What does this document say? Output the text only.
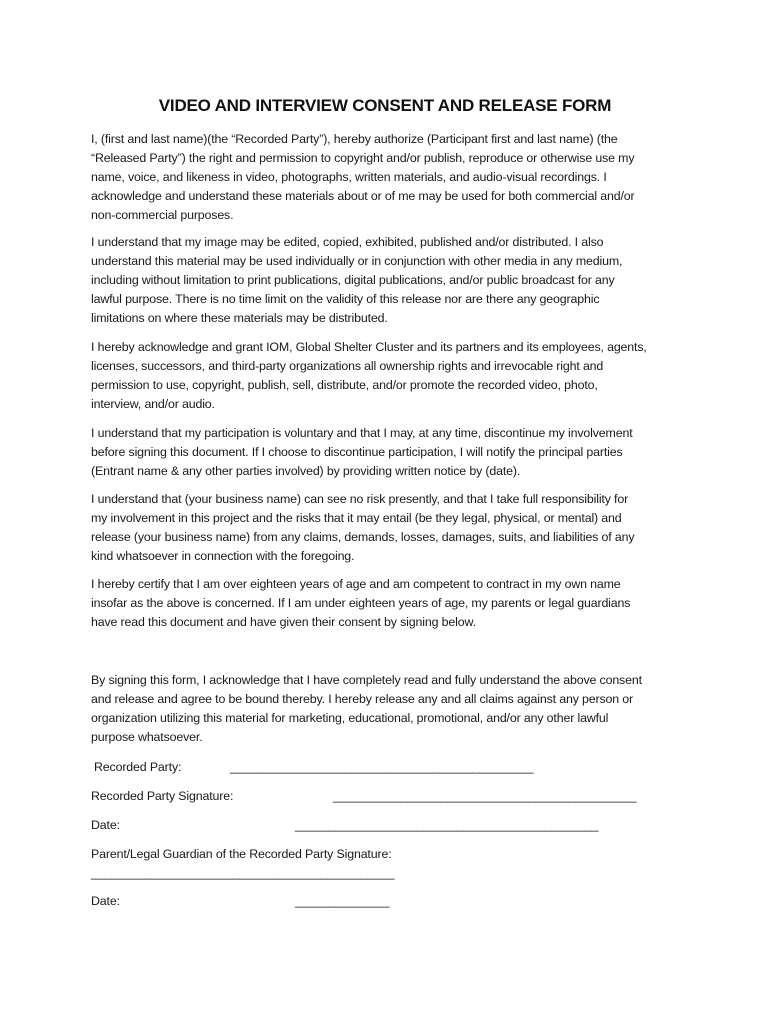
VIDEO AND INTERVIEW CONSENT AND RELEASE FORM
I, (first and last name)(the “Recorded Party”), hereby authorize (Participant first and last name) (the
“Released Party”) the right and permission to copyright and/or publish, reproduce or otherwise use my
name, voice, and likeness in video, photographs, written materials, and audio-visual recordings. I
acknowledge and understand these materials about or of me may be used for both commercial and/or
non-commercial purposes.
I understand that my image may be edited, copied, exhibited, published and/or distributed. I also
understand this material may be used individually or in conjunction with other media in any medium,
including without limitation to print publications, digital publications, and/or public broadcast for any
lawful purpose. There is no time limit on the validity of this release nor are there any geographic
limitations on where these materials may be distributed.
I hereby acknowledge and grant IOM, Global Shelter Cluster and its partners and its employees, agents,
licenses, successors, and third-party organizations all ownership rights and irrevocable right and
permission to use, copyright, publish, sell, distribute, and/or promote the recorded video, photo,
interview, and/or audio.
I understand that my participation is voluntary and that I may, at any time, discontinue my involvement
before signing this document. If I choose to discontinue participation, I will notify the principal parties
(Entrant name & any other parties involved) by providing written notice by (date).
I understand that (your business name) can see no risk presently, and that I take full responsibility for
my involvement in this project and the risks that it may entail (be they legal, physical, or mental) and
release (your business name) from any claims, demands, losses, damages, suits, and liabilities of any
kind whatsoever in connection with the foregoing.
I hereby certify that I am over eighteen years of age and am competent to contract in my own name
insofar as the above is concerned. If I am under eighteen years of age, my parents or legal guardians
have read this document and have given their consent by signing below.
By signing this form, I acknowledge that I have completely read and fully understand the above consent
and release and agree to be bound thereby. I hereby release any and all claims against any person or
organization utilizing this material for marketing, educational, promotional, and/or any other lawful
purpose whatsoever.
Recorded Party:	_____________________________________________
Recorded Party Signature:	_____________________________________________
Date:	_____________________________________________
Parent/Legal Guardian of the Recorded Party Signature:
_____________________________________________
Date:	______________
